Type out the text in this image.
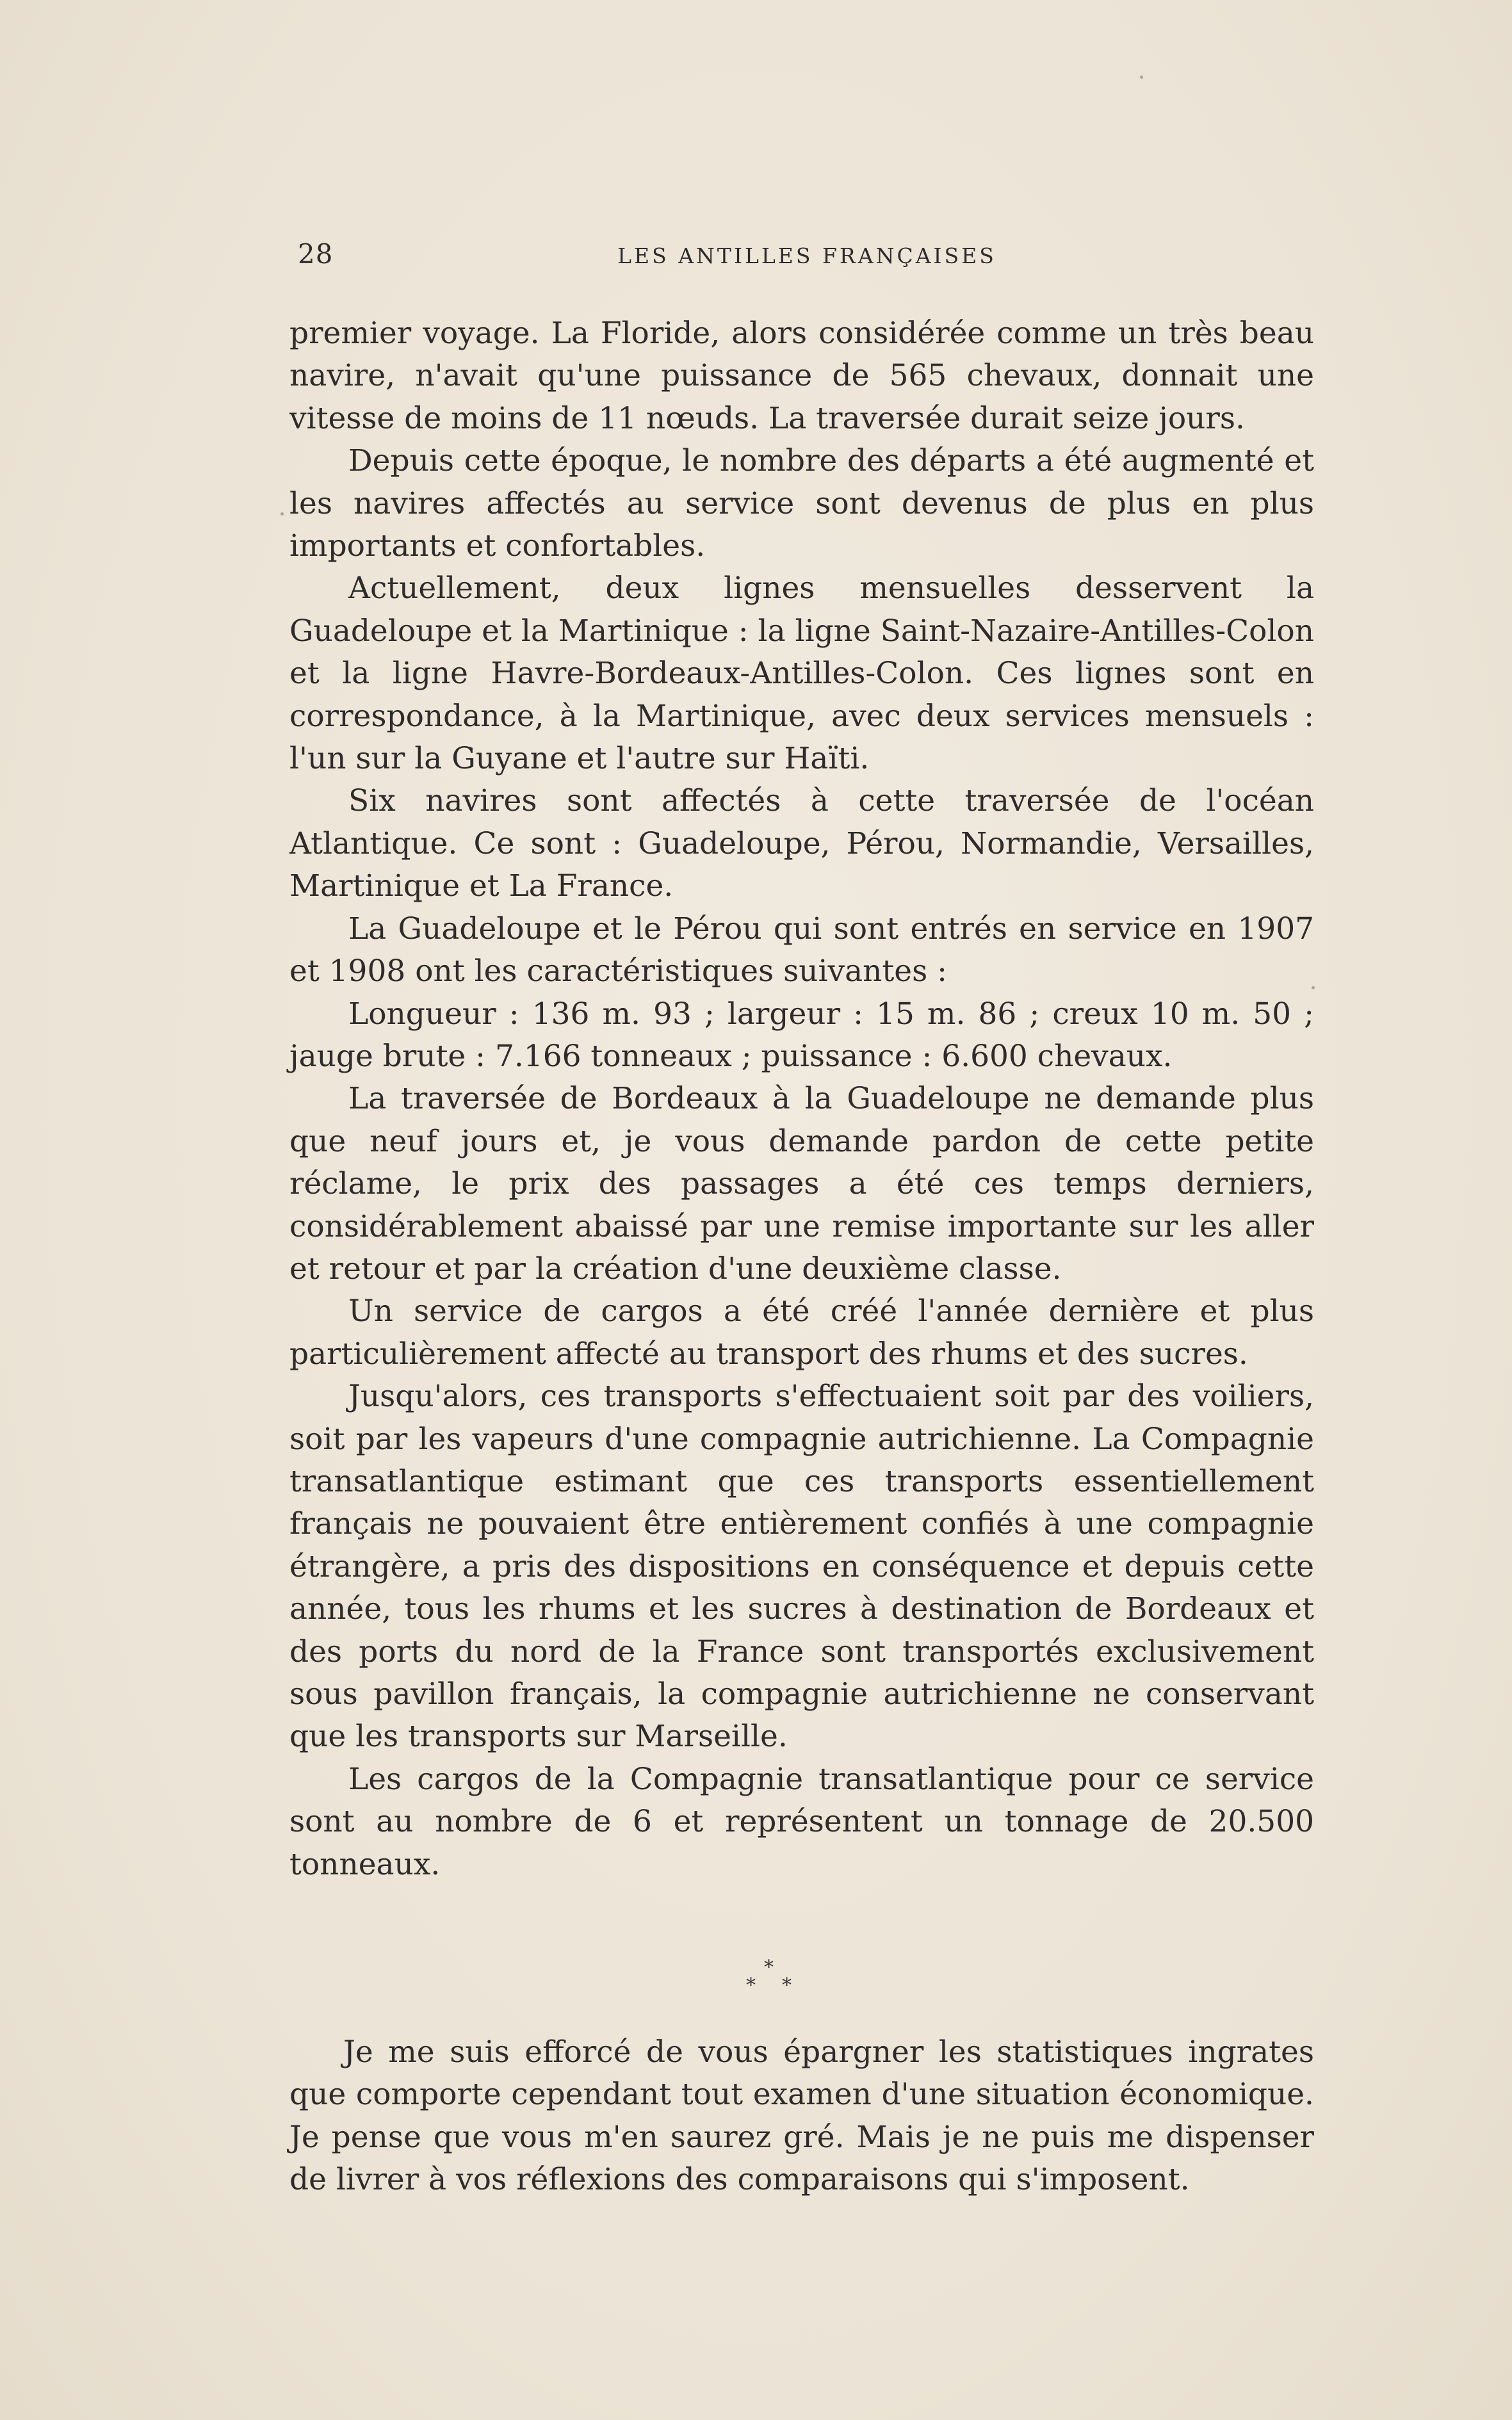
28	LES ANTILLES FRANÇAISES

premier voyage. La Floride, alors considérée comme un très beau navire, n'avait qu'une puissance de 565 chevaux, donnait une vitesse de moins de 11 nœuds. La traversée durait seize jours.

Depuis cette époque, le nombre des départs a été augmenté et les navires affectés au service sont devenus de plus en plus importants et confortables.

Actuellement, deux lignes mensuelles desservent la Guadeloupe et la Martinique : la ligne Saint-Nazaire-Antilles-Colon et la ligne Havre-Bordeaux-Antilles-Colon. Ces lignes sont en correspondance, à la Martinique, avec deux services mensuels : l'un sur la Guyane et l'autre sur Haïti.

Six navires sont affectés à cette traversée de l'océan Atlantique. Ce sont : Guadeloupe, Pérou, Normandie, Versailles, Martinique et La France.

La Guadeloupe et le Pérou qui sont entrés en service en 1907 et 1908 ont les caractéristiques suivantes :

Longueur : 136 m. 93 ; largeur : 15 m. 86 ; creux 10 m. 50 ; jauge brute : 7.166 tonneaux ; puissance : 6.600 chevaux.

La traversée de Bordeaux à la Guadeloupe ne demande plus que neuf jours et, je vous demande pardon de cette petite réclame, le prix des passages a été ces temps derniers, considérablement abaissé par une remise importante sur les aller et retour et par la création d'une deuxième classe.

Un service de cargos a été créé l'année dernière et plus particulièrement affecté au transport des rhums et des sucres.

Jusqu'alors, ces transports s'effectuaient soit par des voiliers, soit par les vapeurs d'une compagnie autrichienne. La Compagnie transatlantique estimant que ces transports essentiellement français ne pouvaient être entièrement confiés à une compagnie étrangère, a pris des dispositions en conséquence et depuis cette année, tous les rhums et les sucres à destination de Bordeaux et des ports du nord de la France sont transportés exclusivement sous pavillon français, la compagnie autrichienne ne conservant que les transports sur Marseille.

Les cargos de la Compagnie transatlantique pour ce service sont au nombre de 6 et représentent un tonnage de 20.500 tonneaux.

*
* *

Je me suis efforcé de vous épargner les statistiques ingrates que comporte cependant tout examen d'une situation économique. Je pense que vous m'en saurez gré. Mais je ne puis me dispenser de livrer à vos réflexions des comparaisons qui s'imposent.
